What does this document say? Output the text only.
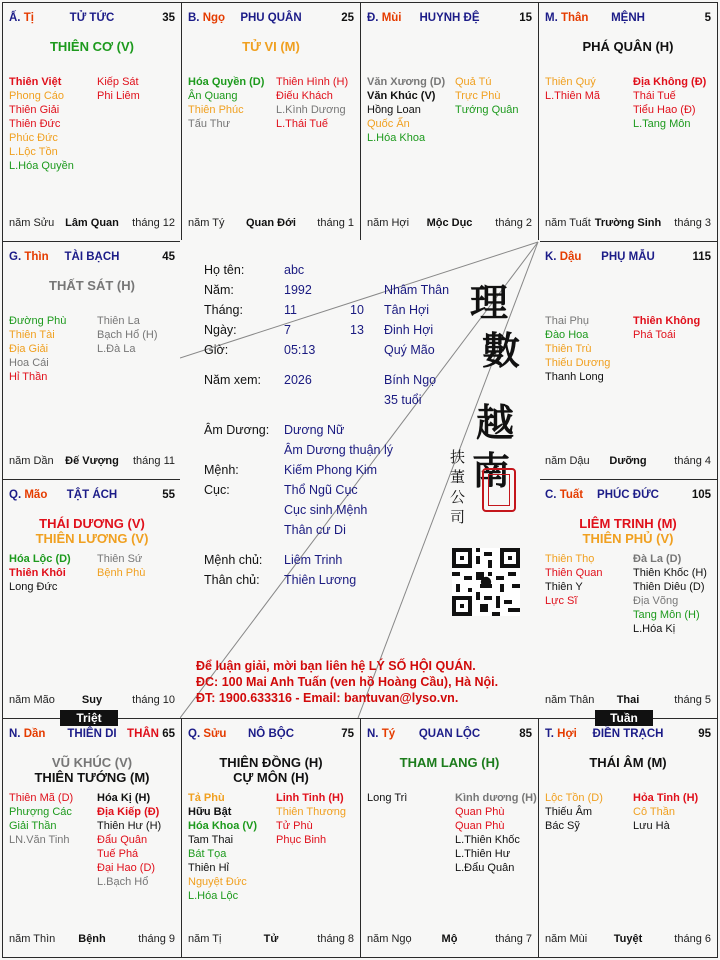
Ấ. Tị	TỬ TỨC	35
THIÊN CƠ (V)
Thiên Việt
Phong Cáo
Thiên Giải
Thiên Đức
Phúc Đức
L.Lộc Tồn
L.Hóa Quyền
Kiếp Sát
Phi Liêm
năm Sửu Lâm Quan	tháng 12
B. Ngọ	PHU QUÂN	25
TỬ VI (M)
Hóa Quyền (D)
Ân Quang
Thiên Phúc
Tấu Thư
Thiên Hình (H)
Điếu Khách
L.Kình Dương
L.Thái Tuế
năm Tý	Quan Đới	tháng 1
Đ. Mùi	HUYNH ĐỆ	15
Văn Xương (D)
Văn Khúc (V)
Hồng Loan
Quốc Ấn
L.Hóa Khoa
Quả Tú
Trực Phù
Tướng Quân
năm Hợi	Mộc Dục	tháng 2
M. Thân	MỆNH	5
PHÁ QUÂN (H)
Thiên Quý
L.Thiên Mã
Địa Không (Đ)
Thái Tuế
Tiểu Hao (Đ)
L.Tang Môn
năm Tuất Trường Sinh	tháng 3
G. Thìn	TÀI BẠCH	45
THẤT SÁT (H)
Đường Phù
Thiên Tài
Địa Giải
Hoa Cái
Hỉ Thần
Thiên La
Bạch Hổ (H)
L.Đà La
năm Dần	Đế Vượng	tháng 11
K. Dậu	PHỤ MẪU	115
Thai Phụ
Đào Hoa
Thiên Trù
Thiếu Dương
Thanh Long
Thiên Không
Phá Toái
năm Dậu	Dưỡng	tháng 4
Q. Mão	TẬT ÁCH	55
THÁI DƯƠNG (V)
THIÊN LƯƠNG (V)
Hóa Lộc (D)
Thiên Khôi
Long Đức
Thiên Sứ
Bệnh Phù
năm Mão	Suy	tháng 10
C. Tuất	PHÚC ĐỨC	105
LIÊM TRINH (M)
THIÊN PHỦ (V)
Thiên Thọ
Thiên Quan
Thiên Y
Lực Sĩ
Đà La (D)
Thiên Khốc (H)
Thiên Diêu (D)
Địa Võng
Tang Môn (H)
L.Hóa Kị
năm Thân	Thai	tháng 5
N. Dần	THIÊN DI THÂN 65
VŨ KHÚC (V)
THIÊN TƯỚNG (M)
Thiên Mã (D)
Phượng Các
Giải Thần
LN.Văn Tinh
Hóa Kị (H)
Địa Kiếp (Đ)
Thiên Hư (H)
Đẩu Quân
Tuế Phá
Đại Hao (D)
L.Bạch Hổ
năm Thìn	Bệnh	tháng 9
Q. Sửu	NÔ BỘC	75
THIÊN ĐỒNG (H)
CỰ MÔN (H)
Tả Phù
Hữu Bật
Hóa Khoa (V)
Tam Thai
Bát Tọa
Thiên Hỉ
Nguyệt Đức
L.Hóa Lộc
Linh Tinh (H)
Thiên Thương
Tử Phù
Phục Binh
năm Tị	Tử	tháng 8
N. Tý	QUAN LỘC	85
THAM LANG (H)
Long Trì	Kình dương (H)
Quan Phù
Quan Phù
L.Thiên Khốc
L.Thiên Hư
L.Đẩu Quân
năm Ngọ	Mộ	tháng 7
T. Hợi	ĐIỀN TRẠCH	95
THÁI ÂM (M)
Lộc Tồn (D)
Thiếu Âm
Bác Sỹ
Hỏa Tinh (H)
Cô Thần
Lưu Hà
năm Mùi	Tuyệt	tháng 6
Họ tên:	abc
Năm:	1992	Nhâm Thân
Tháng:	11	10 Tân Hợi
Ngày:	7	13 Đinh Hợi
Giờ:	05:13	Quý Mão
Năm xem: 2026	Bính Ngọ
35 tuổi
Âm Dương: Dương Nữ
Âm Dương thuận lý
Mệnh:	Kiếm Phong Kim
Cục:	Thổ Ngũ Cục
Cục sinh Mệnh
Thân cư Di
Mệnh chủ: Liêm Trinh
Thân chủ: Thiên Lương
理
數
越
南
扶
董
公
司
Để luận giải, mời bạn liên hệ LÝ SỐ HỘI QUÁN.
ĐC: 100 Mai Anh Tuấn (ven hồ Hoàng Cầu), Hà Nội.
ĐT: 1900.633316 - Email: bantuvan@lyso.vn.
Triệt	Tuần
